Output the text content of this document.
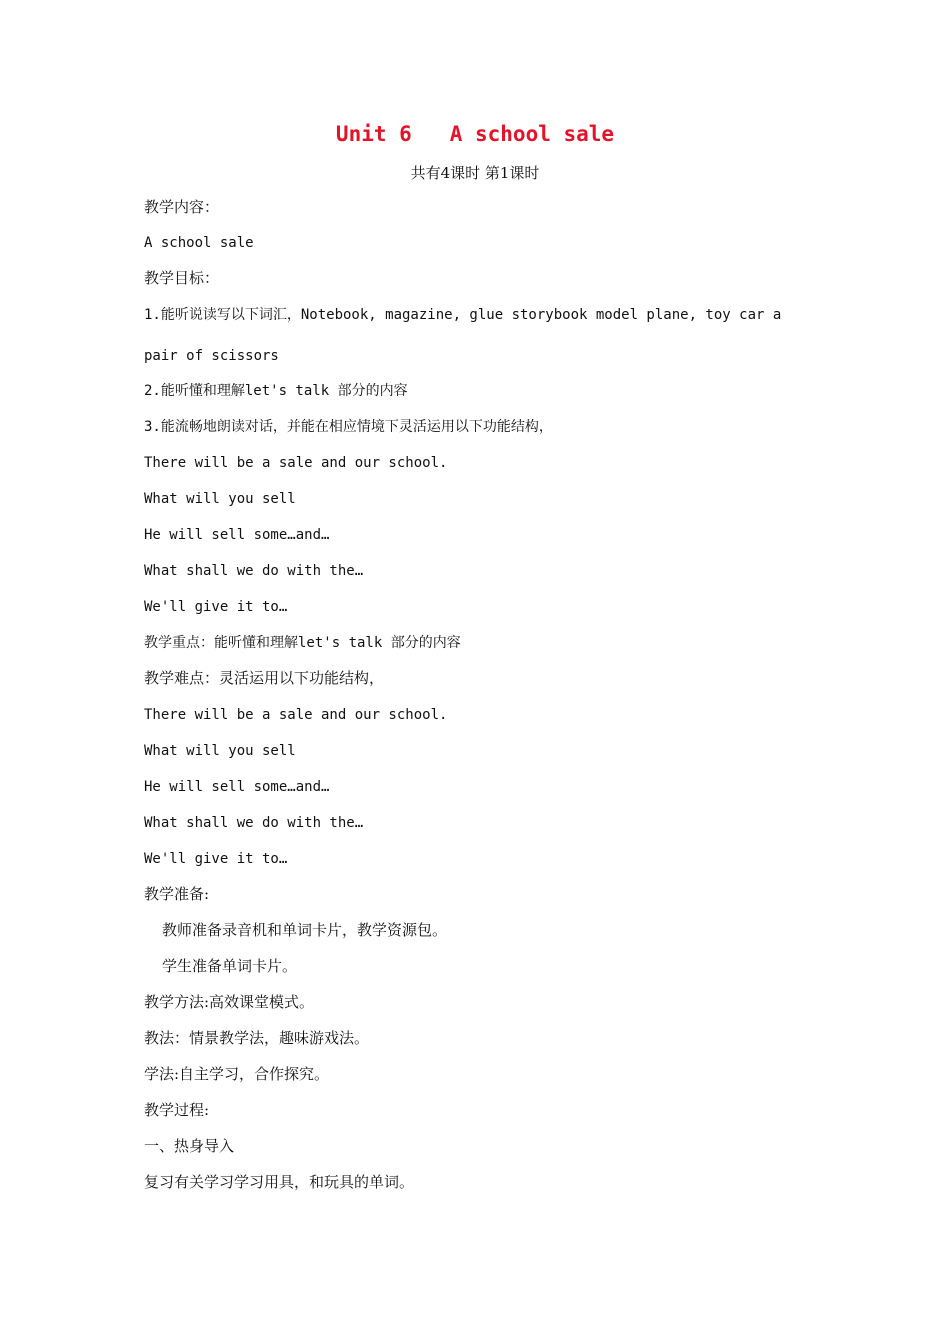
Unit 6   A school sale
共有4课时 第1课时
教学内容：
A school sale
教学目标：
1.能听说读写以下词汇，Notebook, magazine, glue storybook model plane, toy car a
pair of scissors
2.能听懂和理解let's talk 部分的内容
3.能流畅地朗读对话，并能在相应情境下灵活运用以下功能结构，
There will be a sale and our school.
What will you sell
He will sell some…and…
What shall we do with the…
We'll give it to…
教学重点：能听懂和理解let's talk 部分的内容
教学难点：灵活运用以下功能结构，
There will be a sale and our school.
What will you sell
He will sell some…and…
What shall we do with the…
We'll give it to…
教学准备:
教师准备录音机和单词卡片，教学资源包。
学生准备单词卡片。
教学方法:高效课堂模式。
教法：情景教学法，趣味游戏法。
学法:自主学习，合作探究。
教学过程:
一、热身导入
复习有关学习学习用具，和玩具的单词。
